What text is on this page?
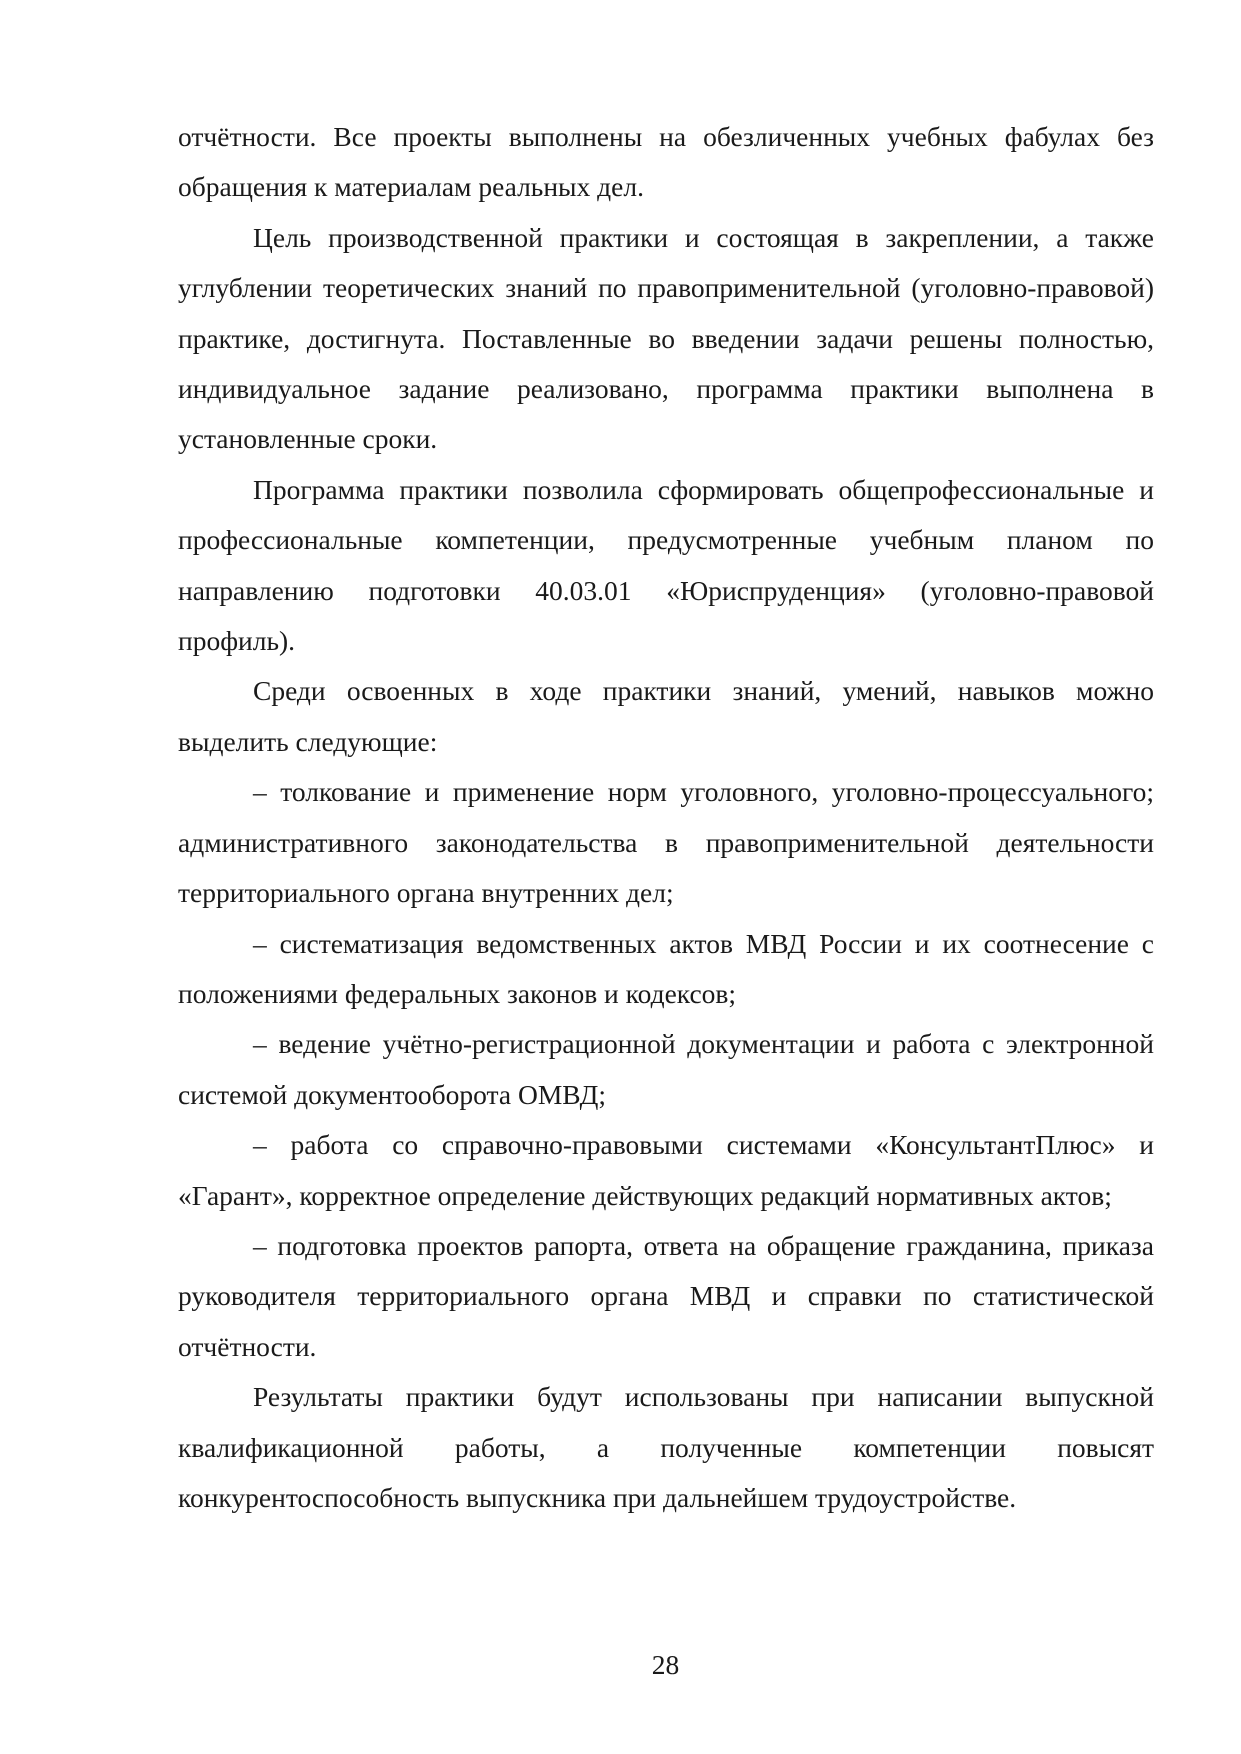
отчётности. Все проекты выполнены на обезличенных учебных фабулах без обращения к материалам реальных дел.

Цель производственной практики и состоящая в закреплении, а также углублении теоретических знаний по правоприменительной (уголовно-правовой) практике, достигнута. Поставленные во введении задачи решены полностью, индивидуальное задание реализовано, программа практики выполнена в установленные сроки.

Программа практики позволила сформировать общепрофессиональные и профессиональные компетенции, предусмотренные учебным планом по направлению подготовки 40.03.01 «Юриспруденция» (уголовно-правовой профиль).

Среди освоенных в ходе практики знаний, умений, навыков можно выделить следующие:

– толкование и применение норм уголовного, уголовно-процессуального; административного законодательства в правоприменительной деятельности территориального органа внутренних дел;

– систематизация ведомственных актов МВД России и их соотнесение с положениями федеральных законов и кодексов;

– ведение учётно-регистрационной документации и работа с электронной системой документооборота ОМВД;

– работа со справочно-правовыми системами «КонсультантПлюс» и «Гарант», корректное определение действующих редакций нормативных актов;

– подготовка проектов рапорта, ответа на обращение гражданина, приказа руководителя территориального органа МВД и справки по статистической отчётности.

Результаты практики будут использованы при написании выпускной квалификационной работы, а полученные компетенции повысят конкурентоспособность выпускника при дальнейшем трудоустройстве.

28
